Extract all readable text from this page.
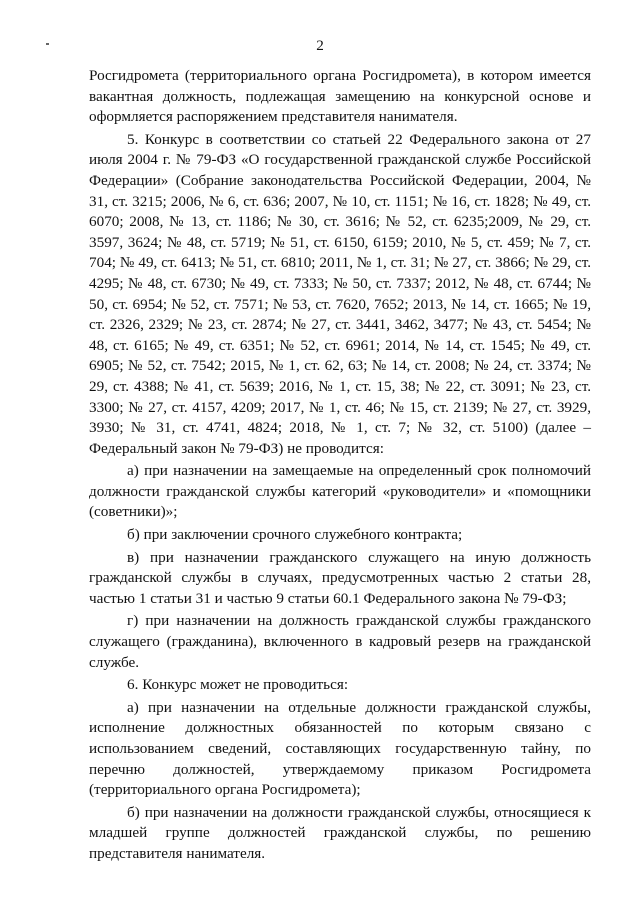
2

Росгидромета (территориального органа Росгидромета), в котором имеется вакантная должность, подлежащая замещению на конкурсной основе и оформляется распоряжением представителя нанимателя.

5. Конкурс в соответствии со статьей 22 Федерального закона от 27 июля 2004 г. № 79-ФЗ «О государственной гражданской службе Российской Федерации» (Собрание законодательства Российской Федерации, 2004, № 31, ст. 3215; 2006, № 6, ст. 636; 2007, № 10, ст. 1151; № 16, ст. 1828; № 49, ст. 6070; 2008, № 13, ст. 1186; № 30, ст. 3616; № 52, ст. 6235;2009, № 29, ст. 3597, 3624; № 48, ст. 5719; № 51, ст. 6150, 6159; 2010, № 5, ст. 459; № 7, ст. 704; № 49, ст. 6413; № 51, ст. 6810; 2011, № 1, ст. 31; № 27, ст. 3866; № 29, ст. 4295; № 48, ст. 6730; № 49, ст. 7333; № 50, ст. 7337; 2012, № 48, ст. 6744; № 50, ст. 6954; № 52, ст. 7571; № 53, ст. 7620, 7652; 2013, № 14, ст. 1665; № 19, ст. 2326, 2329; № 23, ст. 2874; № 27, ст. 3441, 3462, 3477; № 43, ст. 5454; № 48, ст. 6165; № 49, ст. 6351; № 52, ст. 6961; 2014, № 14, ст. 1545; № 49, ст. 6905; № 52, ст. 7542; 2015, № 1, ст. 62, 63; № 14, ст. 2008; № 24, ст. 3374; № 29, ст. 4388; № 41, ст. 5639; 2016, № 1, ст. 15, 38; № 22, ст. 3091; № 23, ст. 3300; № 27, ст. 4157, 4209; 2017, № 1, ст. 46; № 15, ст. 2139; № 27, ст. 3929, 3930; № 31, ст. 4741, 4824; 2018, № 1, ст. 7; № 32, ст. 5100) (далее – Федеральный закон № 79-ФЗ) не проводится:

а) при назначении на замещаемые на определенный срок полномочий должности гражданской службы категорий «руководители» и «помощники (советники)»;

б) при заключении срочного служебного контракта;

в) при назначении гражданского служащего на иную должность гражданской службы в случаях, предусмотренных частью 2 статьи 28, частью 1 статьи 31 и частью 9 статьи 60.1 Федерального закона № 79-ФЗ;

г) при назначении на должность гражданской службы гражданского служащего (гражданина), включенного в кадровый резерв на гражданской службе.

6. Конкурс может не проводиться:

а) при назначении на отдельные должности гражданской службы, исполнение должностных обязанностей по которым связано с использованием сведений, составляющих государственную тайну, по перечню должностей, утверждаемому приказом Росгидромета (территориального органа Росгидромета);

б) при назначении на должности гражданской службы, относящиеся к младшей группе должностей гражданской службы, по решению представителя нанимателя.
